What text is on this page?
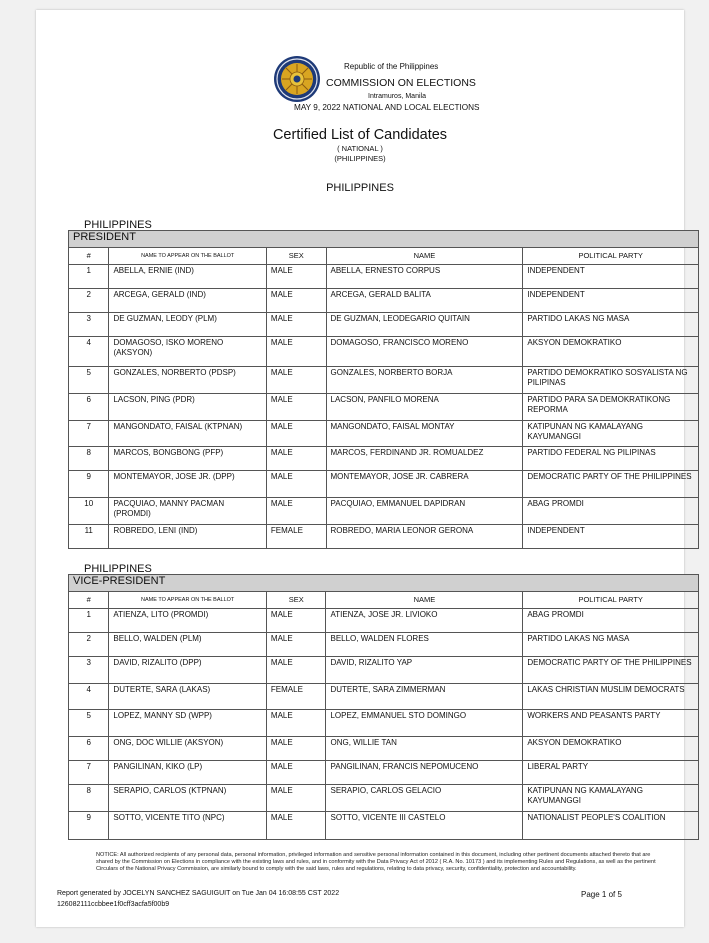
Republic of the Philippines
COMMISSION ON ELECTIONS
Intramuros, Manila
MAY 9, 2022 NATIONAL AND LOCAL ELECTIONS
Certified List of Candidates
( NATIONAL )
(PHILIPPINES)
PHILIPPINES
PHILIPPINES
PRESIDENT				
#	NAME TO APPEAR ON THE BALLOT	SEX	NAME	POLITICAL PARTY
1	ABELLA, ERNIE (IND)	MALE	ABELLA, ERNESTO CORPUS	INDEPENDENT
2	ARCEGA, GERALD (IND)	MALE	ARCEGA, GERALD BALITA	INDEPENDENT
3	DE GUZMAN, LEODY (PLM)	MALE	DE GUZMAN, LEODEGARIO QUITAIN	PARTIDO LAKAS NG MASA
4	DOMAGOSO, ISKO MORENO (AKSYON)	MALE	DOMAGOSO, FRANCISCO MORENO	AKSYON DEMOKRATIKO
5	GONZALES, NORBERTO (PDSP)	MALE	GONZALES, NORBERTO BORJA	PARTIDO DEMOKRATIKO SOSYALISTA NG PILIPINAS
6	LACSON, PING (PDR)	MALE	LACSON, PANFILO MORENA	PARTIDO PARA SA DEMOKRATIKONG REPORMA
7	MANGONDATO, FAISAL (KTPNAN)	MALE	MANGONDATO, FAISAL MONTAY	KATIPUNAN NG KAMALAYANG KAYUMANGGI
8	MARCOS, BONGBONG (PFP)	MALE	MARCOS, FERDINAND JR. ROMUALDEZ	PARTIDO FEDERAL NG PILIPINAS
9	MONTEMAYOR, JOSE JR. (DPP)	MALE	MONTEMAYOR, JOSE JR. CABRERA	DEMOCRATIC PARTY OF THE PHILIPPINES
10	PACQUIAO, MANNY PACMAN (PROMDI)	MALE	PACQUIAO, EMMANUEL DAPIDRAN	ABAG PROMDI
11	ROBREDO, LENI (IND)	FEMALE	ROBREDO, MARIA LEONOR GERONA	INDEPENDENT
PHILIPPINES
VICE-PRESIDENT				
#	NAME TO APPEAR ON THE BALLOT	SEX	NAME	POLITICAL PARTY
1	ATIENZA, LITO (PROMDI)	MALE	ATIENZA, JOSE JR. LIVIOKO	ABAG PROMDI
2	BELLO, WALDEN (PLM)	MALE	BELLO, WALDEN FLORES	PARTIDO LAKAS NG MASA
3	DAVID, RIZALITO (DPP)	MALE	DAVID, RIZALITO YAP	DEMOCRATIC PARTY OF THE PHILIPPINES
4	DUTERTE, SARA (LAKAS)	FEMALE	DUTERTE, SARA ZIMMERMAN	LAKAS CHRISTIAN MUSLIM DEMOCRATS
5	LOPEZ, MANNY SD (WPP)	MALE	LOPEZ, EMMANUEL STO DOMINGO	WORKERS AND PEASANTS PARTY
6	ONG, DOC WILLIE (AKSYON)	MALE	ONG, WILLIE TAN	AKSYON DEMOKRATIKO
7	PANGILINAN, KIKO (LP)	MALE	PANGILINAN, FRANCIS NEPOMUCENO	LIBERAL PARTY
8	SERAPIO, CARLOS (KTPNAN)	MALE	SERAPIO, CARLOS GELACIO	KATIPUNAN NG KAMALAYANG KAYUMANGGI
9	SOTTO, VICENTE TITO (NPC)	MALE	SOTTO, VICENTE III CASTELO	NATIONALIST PEOPLE'S COALITION
NOTICE: All authorized recipients of any personal data, personal information, privileged information and sensitive personal information contained in this document, including other pertinent documents attached thereto that are shared by the Commission on Elections in compliance with the existing laws and rules, and in conformity with the Data Privacy Act of 2012 ( R.A. No. 10173 ) and its implementing Rules and Regulations, as well as the pertinent Circulars of the National Privacy Commission, are similarly bound to comply with the said laws, rules and regulations, relating to data privacy, security, confidentiality, protection and accountability.
Report generated by JOCELYN SANCHEZ SAGUIGUIT on Tue Jan 04 16:08:55 CST 2022
126082111ccbbee1f0cff3acfa5f00b9
Page 1 of 5
